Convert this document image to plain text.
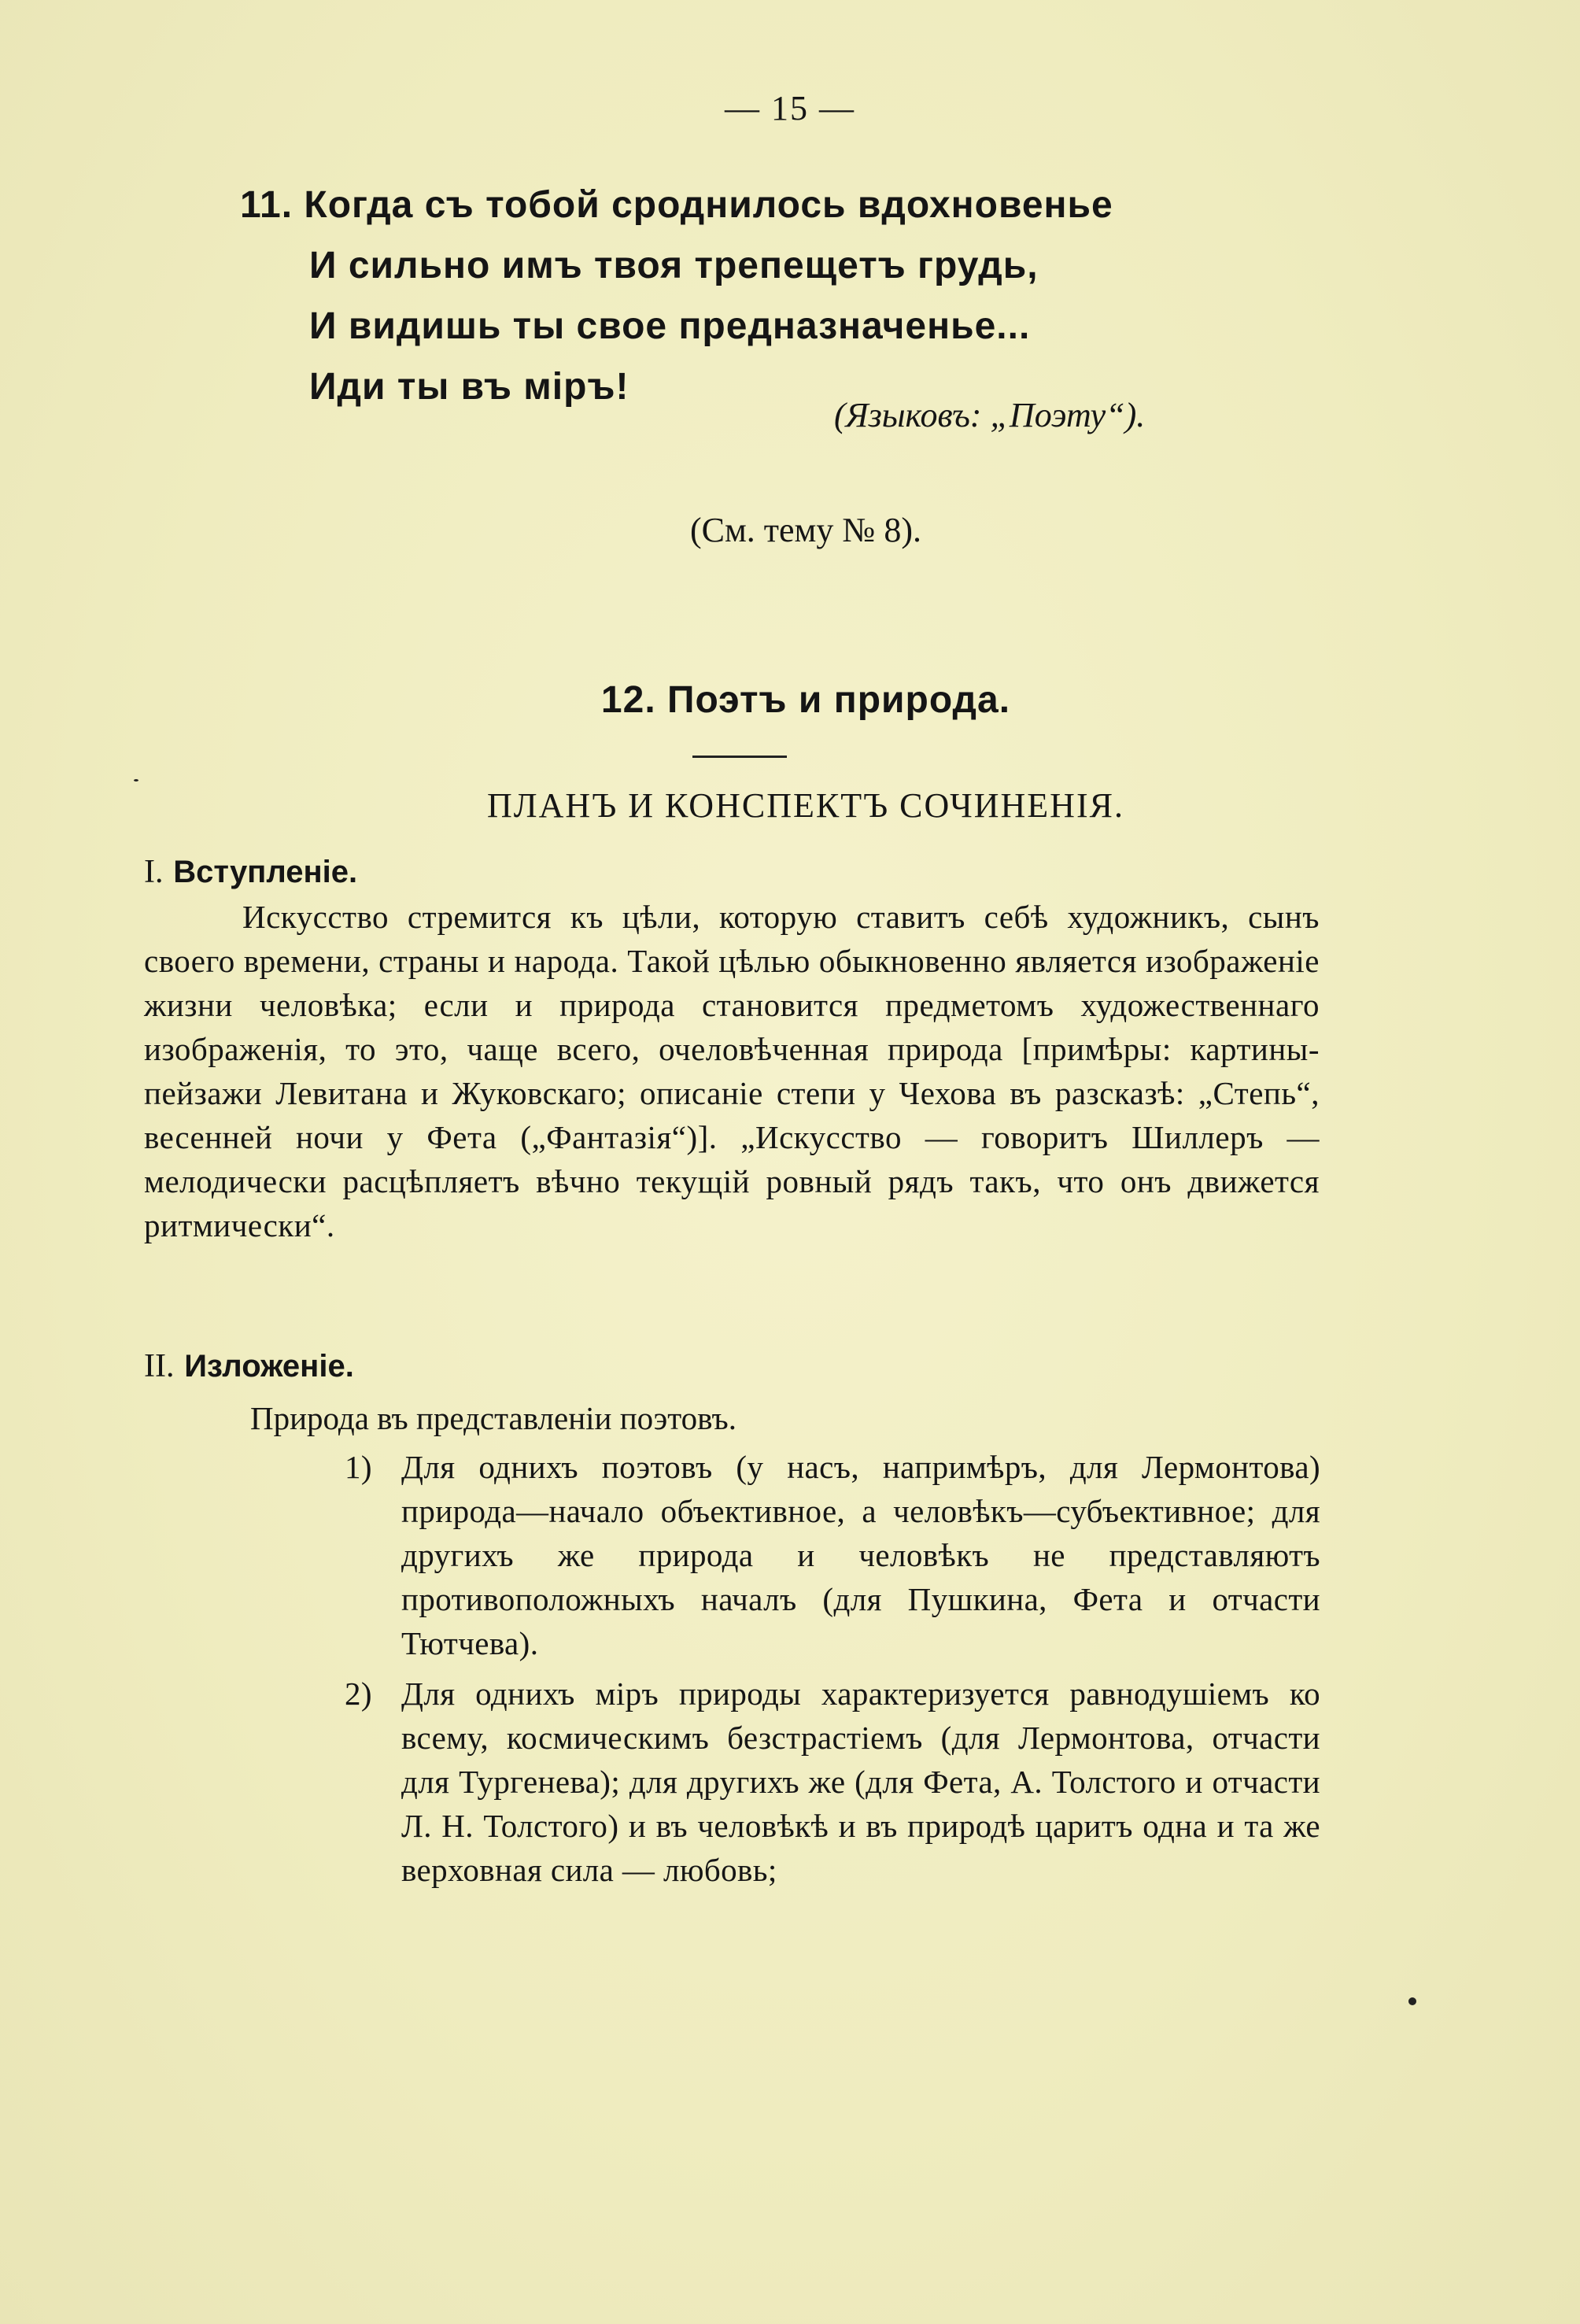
— 15 —
11. Когда съ тобой сроднилось вдохновенье
И сильно имъ твоя трепещетъ грудь,
И видишь ты свое предназначенье...
Иди ты въ міръ!
(Языковъ: „Поэту“).
(См. тему № 8).
12. Поэтъ и природа.
ПЛАНЪ И КОНСПЕКТЪ СОЧИНЕНІЯ.
I. Вступленіе.

Искусство стремится къ цѣли, которую ставитъ себѣ художникъ, сынъ своего времени, страны и народа. Такой цѣлью обыкновенно является изображеніе жизни человѣка; если и природа становится предметомъ художественнаго изображенія, то это, чаще всего, очеловѣченная природа [примѣры: картины-пейзажи Левитана и Жуковскаго; описаніе степи у Чехова въ разсказѣ: „Степь“, весенней ночи у Фета („Фантазія“)]. „Искусство — говоритъ Шиллеръ — мелодически расцѣпляетъ вѣчно текущій ровный рядъ такъ, что онъ движется ритмически“.

II. Изложеніе.
Природа въ представленіи поэтовъ.
1) Для однихъ поэтовъ (у насъ, напримѣръ, для Лермонтова) природа—начало объективное, а человѣкъ—субъективное; для другихъ же природа и человѣкъ не представляютъ противоположныхъ началъ (для Пушкина, Фета и отчасти Тютчева).
2) Для однихъ міръ природы характеризуется равнодушіемъ ко всему, космическимъ безстрастіемъ (для Лермонтова, отчасти для Тургенева); для другихъ же (для Фета, А. Толстого и отчасти Л. Н. Толстого) и въ человѣкѣ и въ природѣ царитъ одна и та же верховная сила — любовь;
